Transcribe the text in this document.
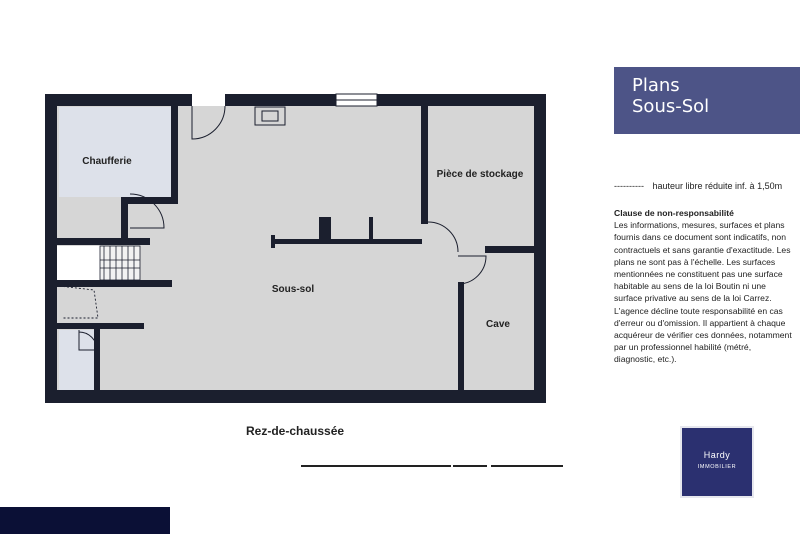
Chaufferie
Pièce de stockage
Sous-sol
Cave
Plans
Sous-Sol
---------- hauteur libre réduite inf. à 1,50m
Clause de non-responsabilité
Les informations, mesures, surfaces et plans fournis dans ce document sont indicatifs, non contractuels et sans garantie d'exactitude. Les plans ne sont pas à l'échelle. Les surfaces mentionnées ne constituent pas une surface habitable au sens de la loi Boutin ni une surface privative au sens de la loi Carrez. L'agence décline toute responsabilité en cas d'erreur ou d'omission. Il appartient à chaque acquéreur de vérifier ces données, notamment par un professionnel habilité (métré, diagnostic, etc.).
Rez-de-chaussée
Hardy
IMMOBILIER
